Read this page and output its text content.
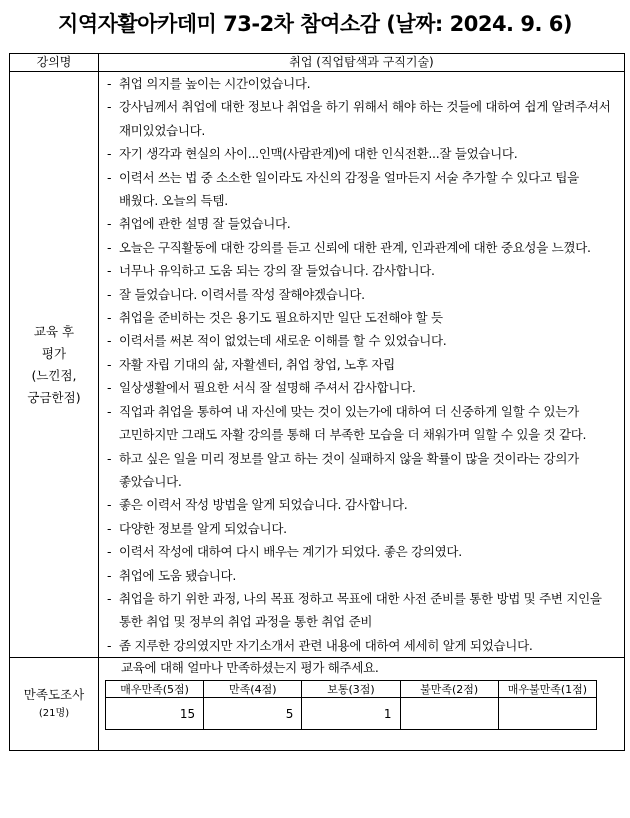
지역자활아카데미 73-2차 참여소감 (날짜: 2024. 9. 6)
강의명	취업 (직업탐색과 구직기술)

교육 후
평가
(느낀점,
궁금한점)

- 취업 의지를 높이는 시간이었습니다.
- 강사님께서 취업에 대한 정보나 취업을 하기 위해서 해야 하는 것들에 대하여 쉽게 알려주셔서 재미있었습니다.
- 자기 생각과 현실의 사이...인맥(사람관계)에 대한 인식전환...잘 들었습니다.
- 이력서 쓰는 법 중 소소한 일이라도 자신의 감정을 얼마든지 서술 추가할 수 있다고 팁을 배웠다. 오늘의 득템.
- 취업에 관한 설명 잘 들었습니다.
- 오늘은 구직활동에 대한 강의를 듣고 신뢰에 대한 관계, 인과관계에 대한 중요성을 느꼈다.
- 너무나 유익하고 도움 되는 강의 잘 들었습니다. 감사합니다.
- 잘 들었습니다. 이력서를 작성 잘해야겠습니다.
- 취업을 준비하는 것은 용기도 필요하지만 일단 도전해야 할 듯
- 이력서를 써본 적이 없었는데 새로운 이해를 할 수 있었습니다.
- 자활 자립 기대의 삶, 자활센터, 취업 창업, 노후 자립
- 일상생활에서 필요한 서식 잘 설명해 주셔서 감사합니다.
- 직업과 취업을 통하여 내 자신에 맞는 것이 있는가에 대하여 더 신중하게 일할 수 있는가 고민하지만 그래도 자활 강의를 통해 더 부족한 모습을 더 채워가며 일할 수 있을 것 같다.
- 하고 싶은 일을 미리 정보를 알고 하는 것이 실패하지 않을 확률이 많을 것이라는 강의가 좋았습니다.
- 좋은 이력서 작성 방법을 알게 되었습니다. 감사합니다.
- 다양한 정보를 알게 되었습니다.
- 이력서 작성에 대하여 다시 배우는 계기가 되었다. 좋은 강의였다.
- 취업에 도움 됐습니다.
- 취업을 하기 위한 과정, 나의 목표 정하고 목표에 대한 사전 준비를 통한 방법 및 주변 지인을 통한 취업 및 정부의 취업 과정을 통한 취업 준비
- 좀 지루한 강의였지만 자기소개서 관련 내용에 대하여 세세히 알게 되었습니다.

만족도조사
(21명)

교육에 대해 얼마나 만족하셨는지 평가 해주세요.
매우만족(5점)	만족(4점)	보통(3점)	불만족(2점)	매우불만족(1점)
15	5	1		
